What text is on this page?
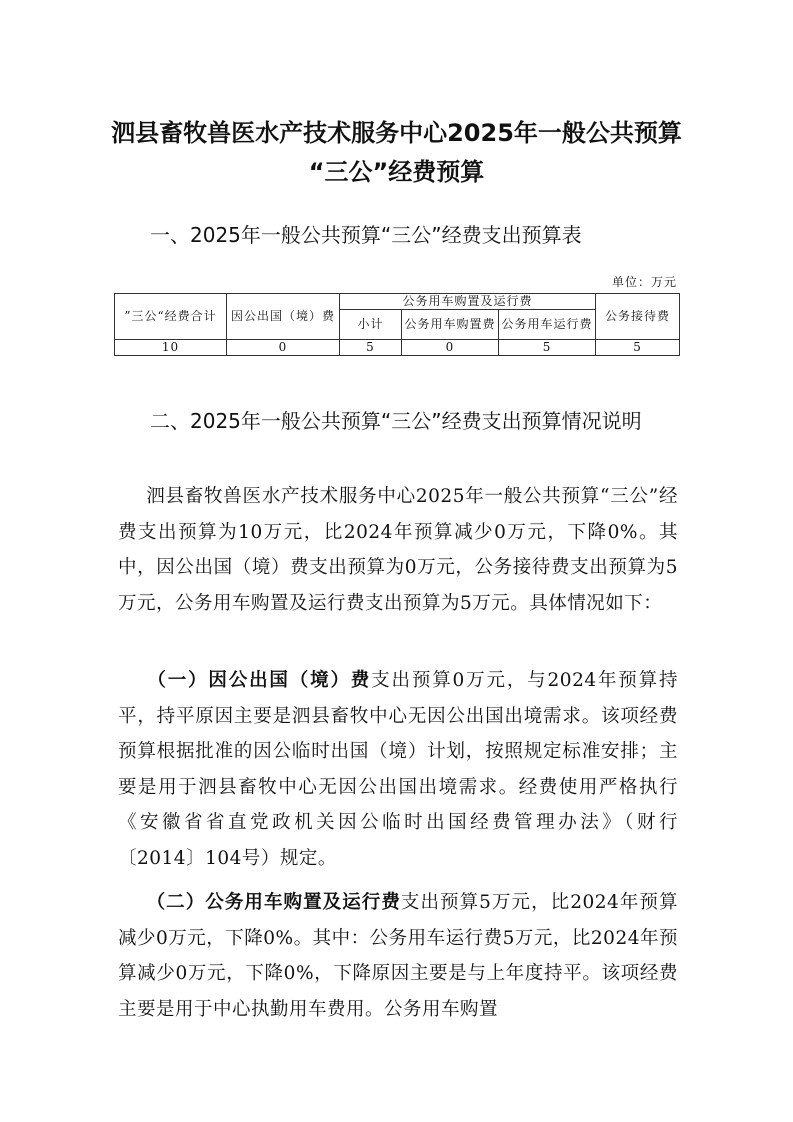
泗县畜牧兽医水产技术服务中心2025年一般公共预算
“三公”经费预算
一、2025年一般公共预算“三公”经费支出预算表
单位：万元
”三公“经费合计	因公出国（境）费	公务用车购置及运行费			公务接待费
		小计	公务用车购置费	公务用车运行费	
10	0	5	0	5	5
二、2025年一般公共预算“三公”经费支出预算情况说明
泗县畜牧兽医水产技术服务中心2025年一般公共预算“三公”经费支出预算为10万元，比2024年预算减少0万元，下降0%。其中，因公出国（境）费支出预算为0万元，公务接待费支出预算为5万元，公务用车购置及运行费支出预算为5万元。具体情况如下：
（一）因公出国（境）费支出预算0万元，与2024年预算持平，持平原因主要是泗县畜牧中心无因公出国出境需求。该项经费预算根据批准的因公临时出国（境）计划，按照规定标准安排；主要是用于泗县畜牧中心无因公出国出境需求。经费使用严格执行《安徽省省直党政机关因公临时出国经费管理办法》（财行〔2014〕104号）规定。
（二）公务用车购置及运行费支出预算5万元，比2024年预算减少0万元，下降0%。其中：公务用车运行费5万元，比2024年预算减少0万元，下降0%，下降原因主要是与上年度持平。该项经费主要是用于中心执勤用车费用。公务用车购置
